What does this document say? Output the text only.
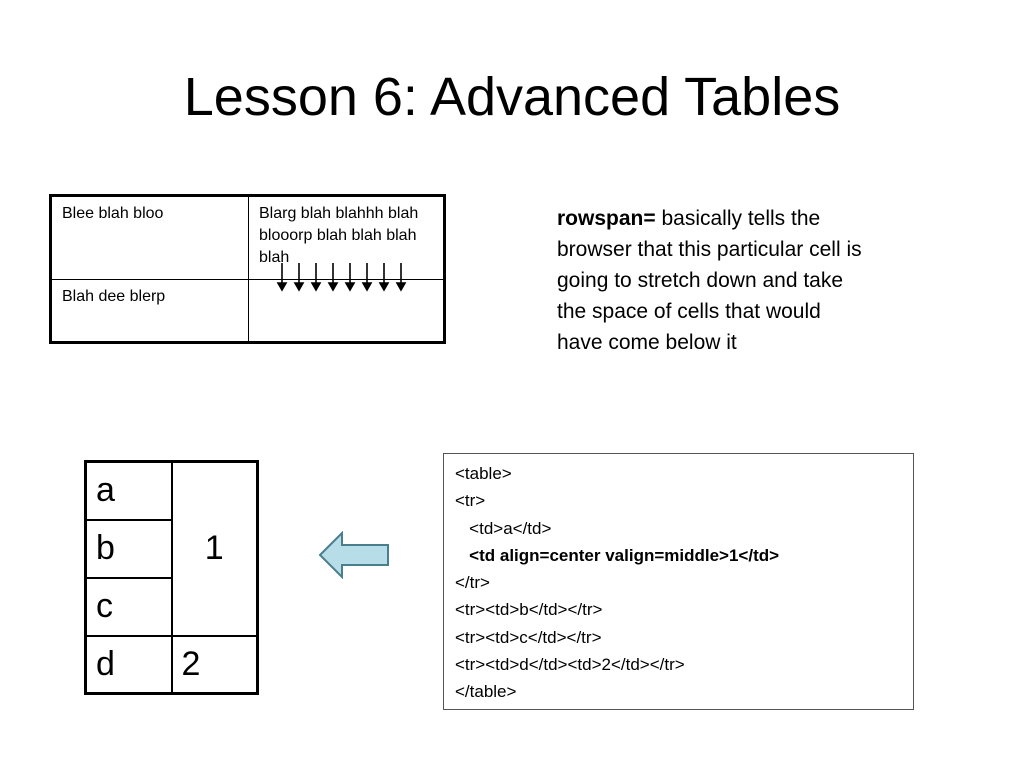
Lesson 6: Advanced Tables
Blee blah bloo	Blarg blah blahhh blah blooorp blah blah blah blah
Blah dee blerp	
rowspan= basically tells the browser that this particular cell is going to stretch down and take the space of cells that would have come below it
a	1
b	
c	
d	2
<table>
<tr>
<td>a</td>
<td align=center valign=middle>1</td>
</tr>
<tr><td>b</td></tr>
<tr><td>c</td></tr>
<tr><td>d</td><td>2</td></tr>
</table>
